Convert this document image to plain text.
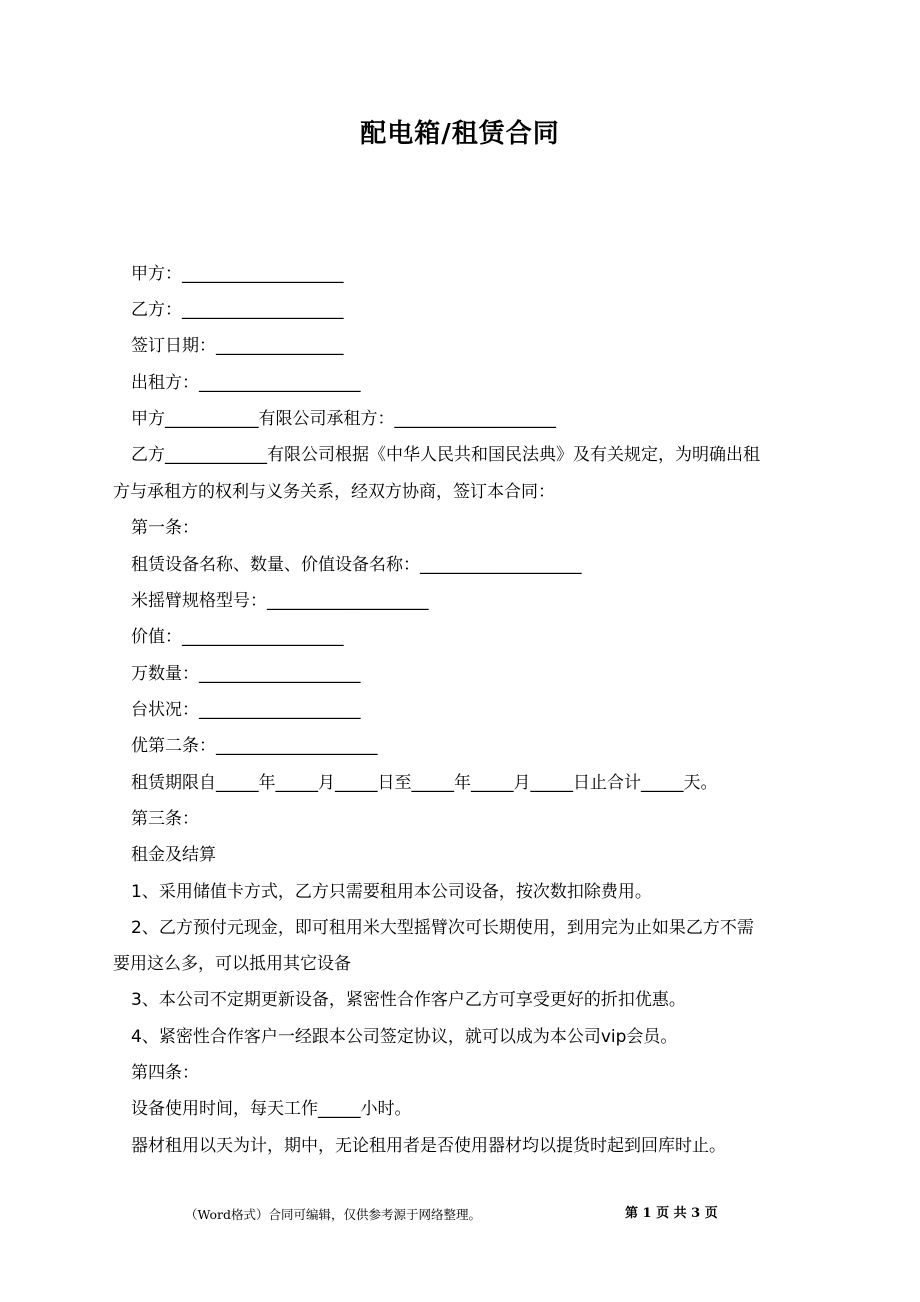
配电箱/租赁合同
甲方：___________________
乙方：___________________
签订日期：_______________
出租方：___________________
甲方___________有限公司承租方：___________________
乙方____________有限公司根据《中华人民共和国民法典》及有关规定，为明确出租
方与承租方的权利与义务关系，经双方协商，签订本合同：
第一条：
租赁设备名称、数量、价值设备名称：___________________
米摇臂规格型号：___________________
价值：___________________
万数量：___________________
台状况：___________________
优第二条：___________________
租赁期限自_____年_____月_____日至_____年_____月_____日止合计_____天。
第三条：
租金及结算
1、采用储值卡方式，乙方只需要租用本公司设备，按次数扣除费用。
2、乙方预付元现金，即可租用米大型摇臂次可长期使用，到用完为止如果乙方不需
要用这么多，可以抵用其它设备
3、本公司不定期更新设备，紧密性合作客户乙方可享受更好的折扣优惠。
4、紧密性合作客户一经跟本公司签定协议，就可以成为本公司vip会员。
第四条：
设备使用时间，每天工作_____小时。
器材租用以天为计，期中，无论租用者是否使用器材均以提货时起到回库时止。
（Word格式）合同可编辑，仅供参考源于网络整理。	第 1 页 共 3 页
